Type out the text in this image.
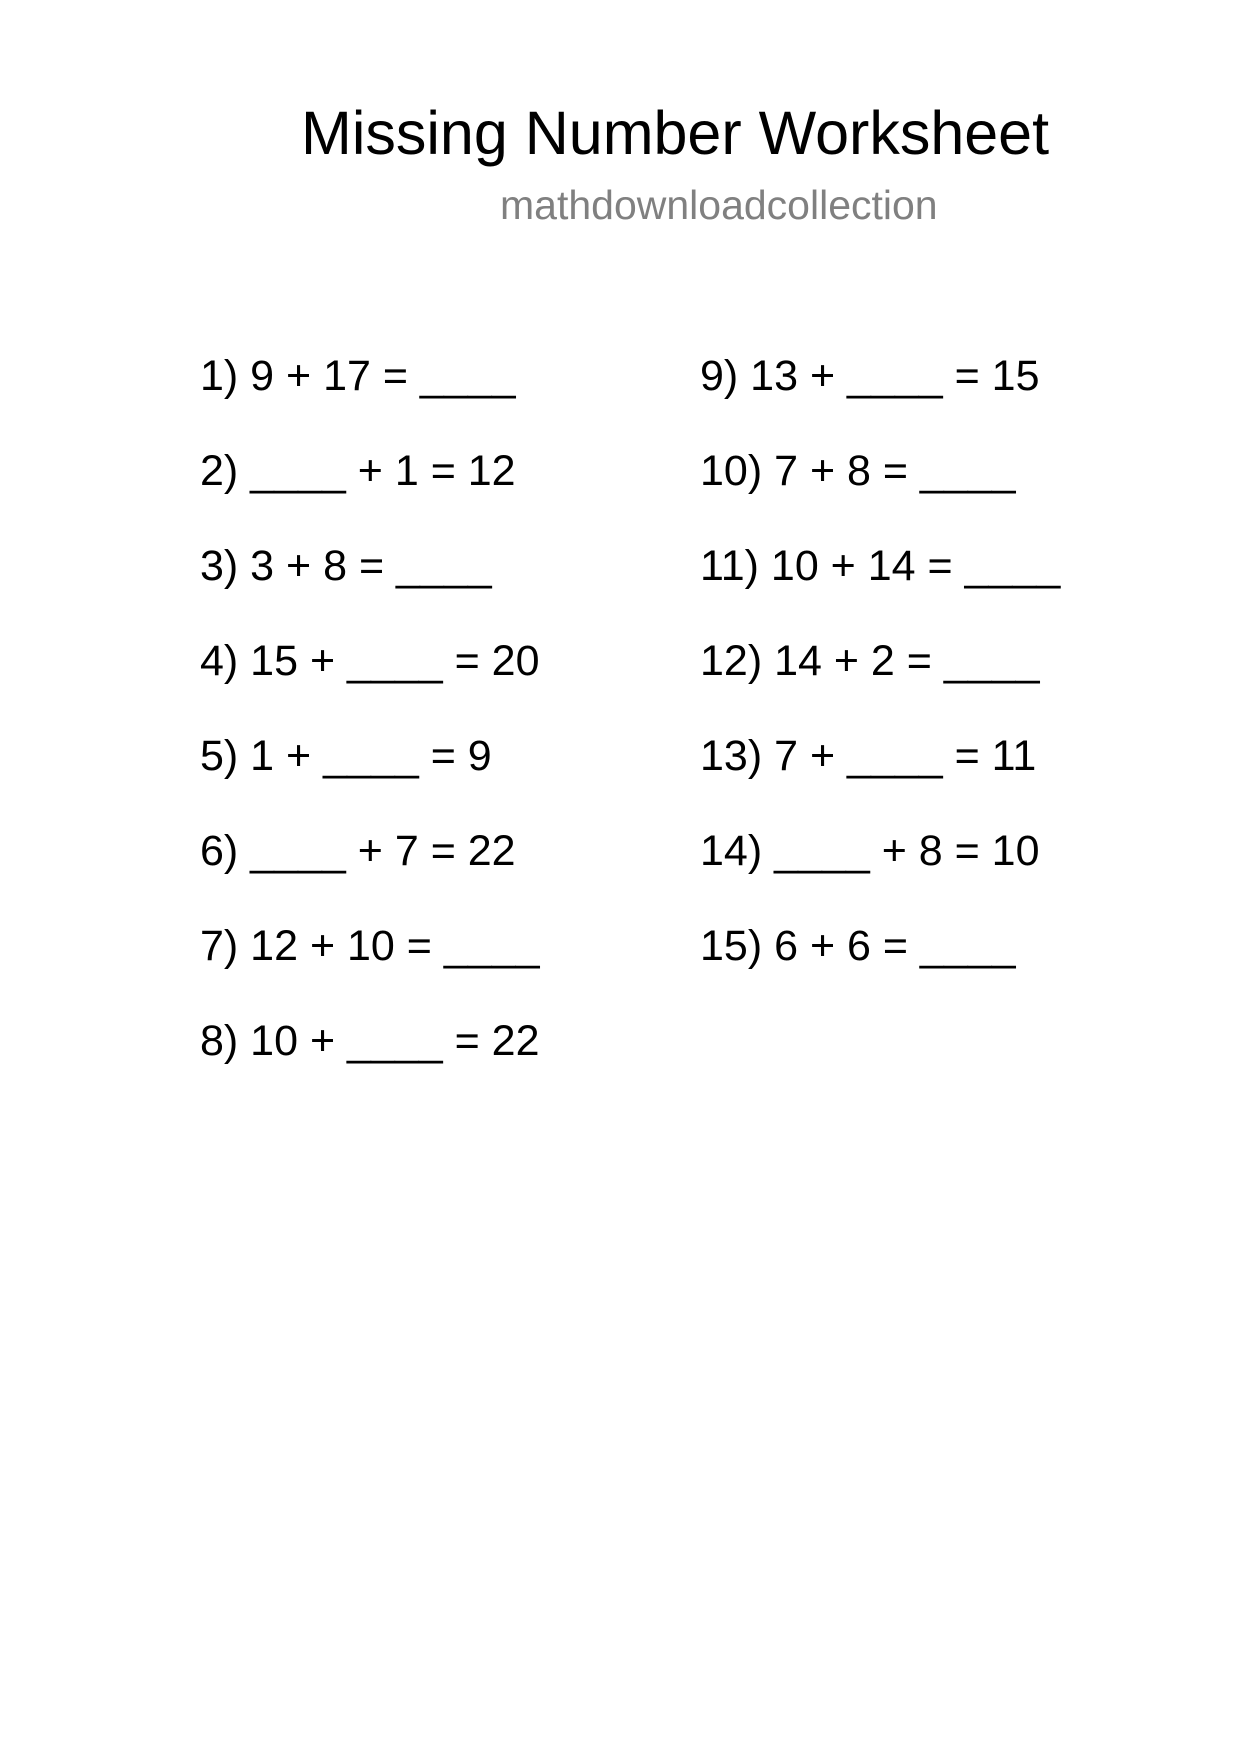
Missing Number Worksheet
mathdownloadcollection
1) 9 + 17 = ____
2) ____ + 1 = 12
3) 3 + 8 = ____
4) 15 + ____ = 20
5) 1 + ____ = 9
6) ____ + 7 = 22
7) 12 + 10 = ____
8) 10 + ____ = 22
9) 13 + ____ = 15
10) 7 + 8 = ____
11) 10 + 14 = ____
12) 14 + 2 = ____
13) 7 + ____ = 11
14) ____ + 8 = 10
15) 6 + 6 = ____
